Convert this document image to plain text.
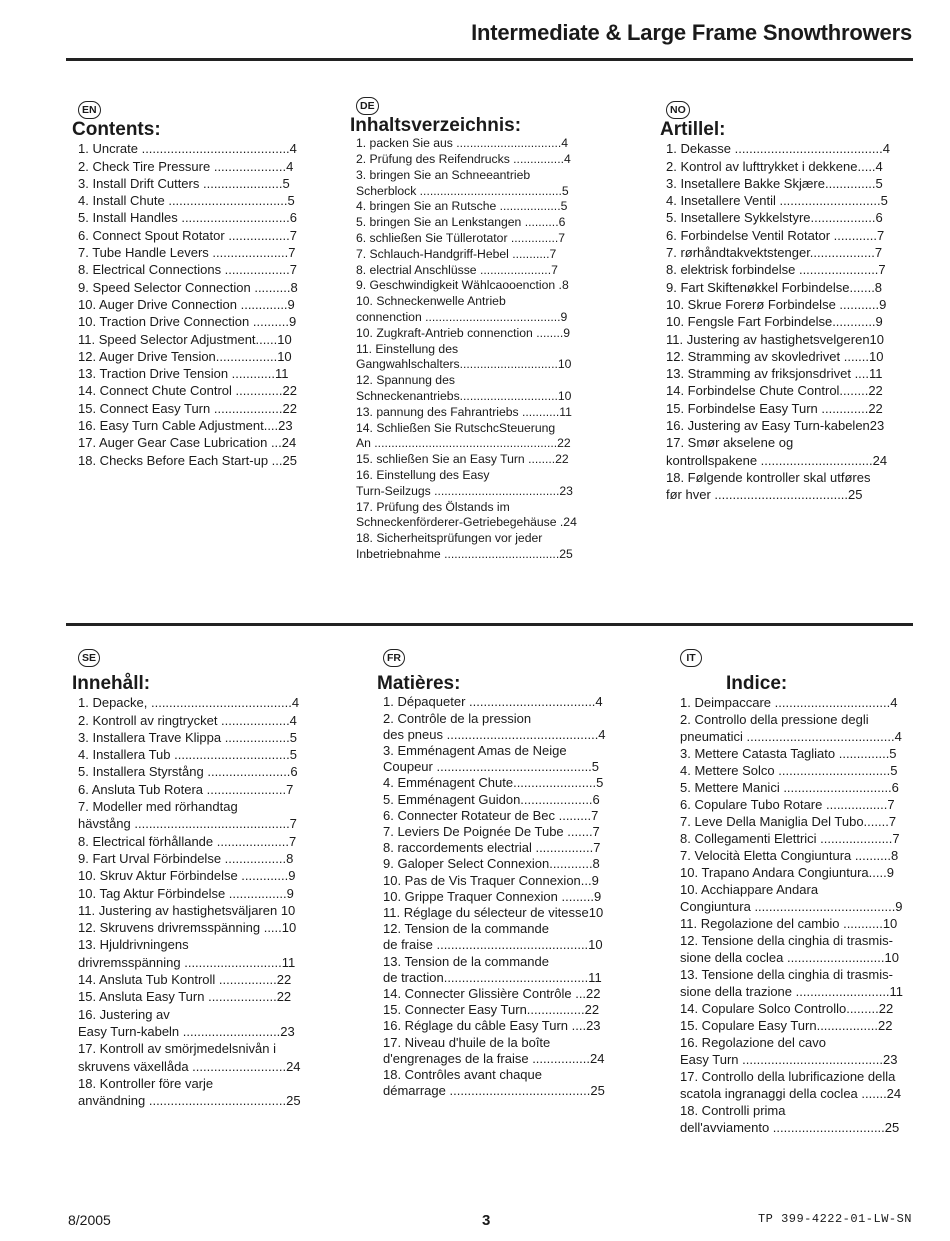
Intermediate & Large Frame Snowthrowers
EN
Contents:
1. Uncrate .........................................4
2. Check Tire Pressure ....................4
3. Install Drift Cutters ......................5
4. Install Chute .................................5
5. Install Handles ..............................6
6. Connect Spout Rotator .................7
7. Tube Handle Levers .....................7
8. Electrical Connections ..................7
9. Speed Selector Connection ..........8
10. Auger Drive Connection .............9
10. Traction Drive Connection ..........9
11. Speed Selector Adjustment......10
12. Auger Drive Tension.................10
13. Traction Drive Tension ............11
14. Connect Chute Control .............22
15. Connect Easy Turn ...................22
16. Easy Turn Cable Adjustment....23
17. Auger Gear Case Lubrication ...24
18. Checks Before Each Start-up ...25
DE
Inhaltsverzeichnis:
1. packen Sie aus ...............................4
2. Prüfung des Reifendrucks ...............4
3. bringen Sie an Schneeantrieb
Scherblock ..........................................5
4. bringen Sie an Rutsche ..................5
5. bringen Sie an Lenkstangen ..........6
6. schließen Sie Tüllerotator ..............7
7. Schlauch-Handgriff-Hebel ...........7
8. electrial Anschlüsse .....................7
9. Geschwindigkeit Wählcaooenction .8
10. Schneckenwelle Antrieb
connenction ........................................9
10. Zugkraft-Antrieb connenction ........9
11. Einstellung des
Gangwahlschalters.............................10
12. Spannung des
Schneckenantriebs.............................10
13. pannung des Fahrantriebs ...........11
14. Schließen Sie RutschcSteuerung
An ......................................................22
15. schließen Sie an Easy Turn ........22
16. Einstellung des Easy
Turn-Seilzugs .....................................23
17. Prüfung des Ölstands im
Schneckenförderer-Getriebegehäuse .24
18. Sicherheitsprüfungen vor jeder
Inbetriebnahme ..................................25
NO
Artillel:
1. Dekasse .........................................4
2. Kontrol av lufttrykket i dekkene.....4
3. Insetallere Bakke Skjære..............5
4. Insetallere Ventil ............................5
5. Insetallere Sykkelstyre..................6
6. Forbindelse Ventil Rotator ............7
7. rørhåndtakvektstenger..................7
8. elektrisk forbindelse ......................7
9. Fart Skiftenøkkel Forbindelse.......8
10. Skrue Forerø Forbindelse ...........9
10. Fengsle Fart Forbindelse............9
11. Justering av hastighetsvelgeren10
12. Stramming av skovledrivet .......10
13. Stramming av friksjonsdrivet ....11
14. Forbindelse Chute Control........22
15. Forbindelse Easy Turn .............22
16. Justering av Easy Turn-kabelen23
17. Smør akselene og
kontrollspakene ...............................24
18. Følgende kontroller skal utføres
før hver .....................................25
SE
Innehåll:
1. Depacke, .......................................4
2. Kontroll av ringtrycket ...................4
3. Installera Trave Klippa ..................5
4. Installera Tub ................................5
5. Installera Styrstång .......................6
6. Ansluta Tub Rotera ......................7
7. Modeller med rörhandtag
hävstång ...........................................7
8. Electrical förhållande ....................7
9. Fart Urval Förbindelse .................8
10. Skruv Aktur Förbindelse .............9
10. Tag Aktur Förbindelse ................9
11. Justering av hastighetsväljaren 10
12. Skruvens drivremsspänning .....10
13. Hjuldrivningens
drivremsspänning ...........................11
14. Ansluta Tub Kontroll ................22
15. Ansluta Easy Turn ...................22
16. Justering av
Easy Turn-kabeln ...........................23
17. Kontroll av smörjmedelsnivån i
skruvens växellåda ..........................24
18. Kontroller före varje
användning ......................................25
FR
Matières:
1. Dépaqueter ...................................4
2. Contrôle de la pression
des pneus ..........................................4
3. Emménagent Amas de Neige
Coupeur ...........................................5
4. Emménagent Chute.......................5
5. Emménagent Guidon....................6
6. Connecter Rotateur de Bec .........7
7. Leviers De Poignée De Tube .......7
8. raccordements electrial ................7
9. Galoper Select Connexion............8
10. Pas de Vis Traquer Connexion...9
10. Grippe Traquer Connexion .........9
11. Réglage du sélecteur de vitesse10
12. Tension de la commande
de fraise ..........................................10
13. Tension de la commande
de traction........................................11
14. Connecter Glissière Contrôle ...22
15. Connecter Easy Turn................22
16. Réglage du câble Easy Turn ....23
17. Niveau d'huile de la boîte
d'engrenages de la fraise ................24
18. Contrôles avant chaque
démarrage .......................................25
IT
Indice:
1. Deimpaccare ................................4
2. Controllo della pressione degli
pneumatici .........................................4
3. Mettere Catasta Tagliato ..............5
4. Mettere Solco ...............................5
5. Mettere Manici ..............................6
6. Copulare Tubo Rotare .................7
7. Leve Della Maniglia Del Tubo.......7
8. Collegamenti Elettrici ....................7
7. Velocità Eletta Congiuntura ..........8
10. Trapano Andara Congiuntura.....9
10. Acchiappare Andara
Congiuntura .......................................9
11. Regolazione del cambio ...........10
12. Tensione della cinghia di trasmis-
sione della coclea ...........................10
13. Tensione della cinghia di trasmis-
sione della trazione ..........................11
14. Copulare Solco Controllo.........22
15. Copulare Easy Turn.................22
16. Regolazione del cavo
Easy Turn .......................................23
17. Controllo della lubrificazione della
scatola ingranaggi della coclea .......24
18. Controlli prima
dell'avviamento ...............................25
8/2005	3	TP 399-4222-01-LW-SN
